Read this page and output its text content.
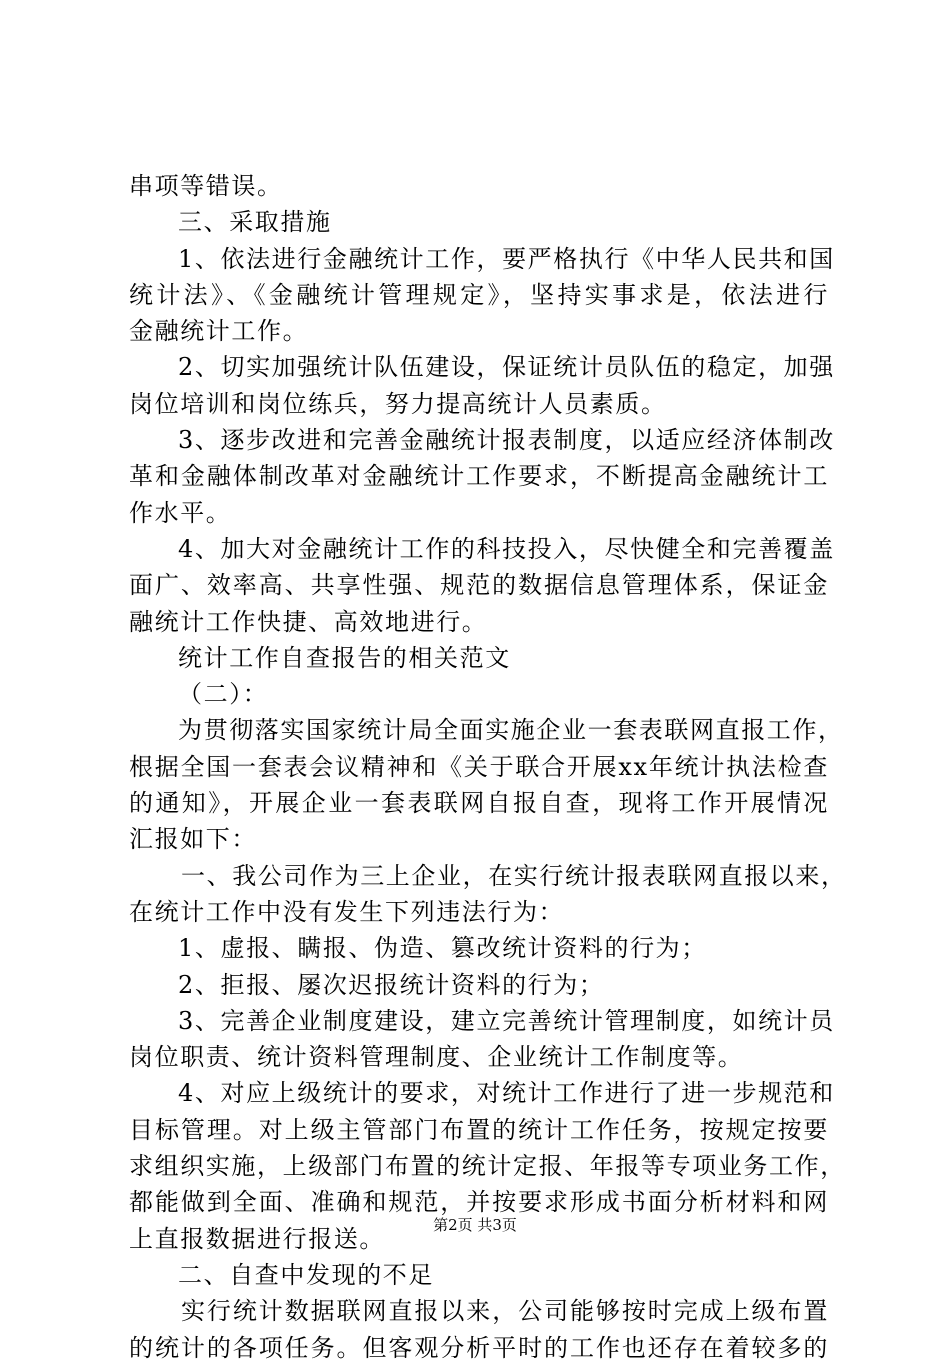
串项等错误。
三、采取措施
1、依法进行金融统计工作，要严格执行《中华人民共和国
统计法》、《金融统计管理规定》，坚持实事求是，依法进行
金融统计工作。
2、切实加强统计队伍建设，保证统计员队伍的稳定，加强
岗位培训和岗位练兵，努力提高统计人员素质。
3、逐步改进和完善金融统计报表制度，以适应经济体制改
革和金融体制改革对金融统计工作要求，不断提高金融统计工
作水平。
4、加大对金融统计工作的科技投入，尽快健全和完善覆盖
面广、效率高、共享性强、规范的数据信息管理体系，保证金
融统计工作快捷、高效地进行。
统计工作自查报告的相关范文
（二）：
为贯彻落实国家统计局全面实施企业一套表联网直报工作，
根据全国一套表会议精神和《关于联合开展xx年统计执法检查
的通知》，开展企业一套表联网自报自查，现将工作开展情况
汇报如下：
一、我公司作为三上企业，在实行统计报表联网直报以来，
在统计工作中没有发生下列违法行为：
1、虚报、瞒报、伪造、篡改统计资料的行为；
2、拒报、屡次迟报统计资料的行为；
3、完善企业制度建设，建立完善统计管理制度，如统计员
岗位职责、统计资料管理制度、企业统计工作制度等。
4、对应上级统计的要求，对统计工作进行了进一步规范和
目标管理。对上级主管部门布置的统计工作任务，按规定按要
求组织实施，上级部门布置的统计定报、年报等专项业务工作，
都能做到全面、准确和规范，并按要求形成书面分析材料和网
上直报数据进行报送。
二、自查中发现的不足
实行统计数据联网直报以来，公司能够按时完成上级布置
的统计的各项任务。但客观分析平时的工作也还存在着较多的
第2页 共3页
